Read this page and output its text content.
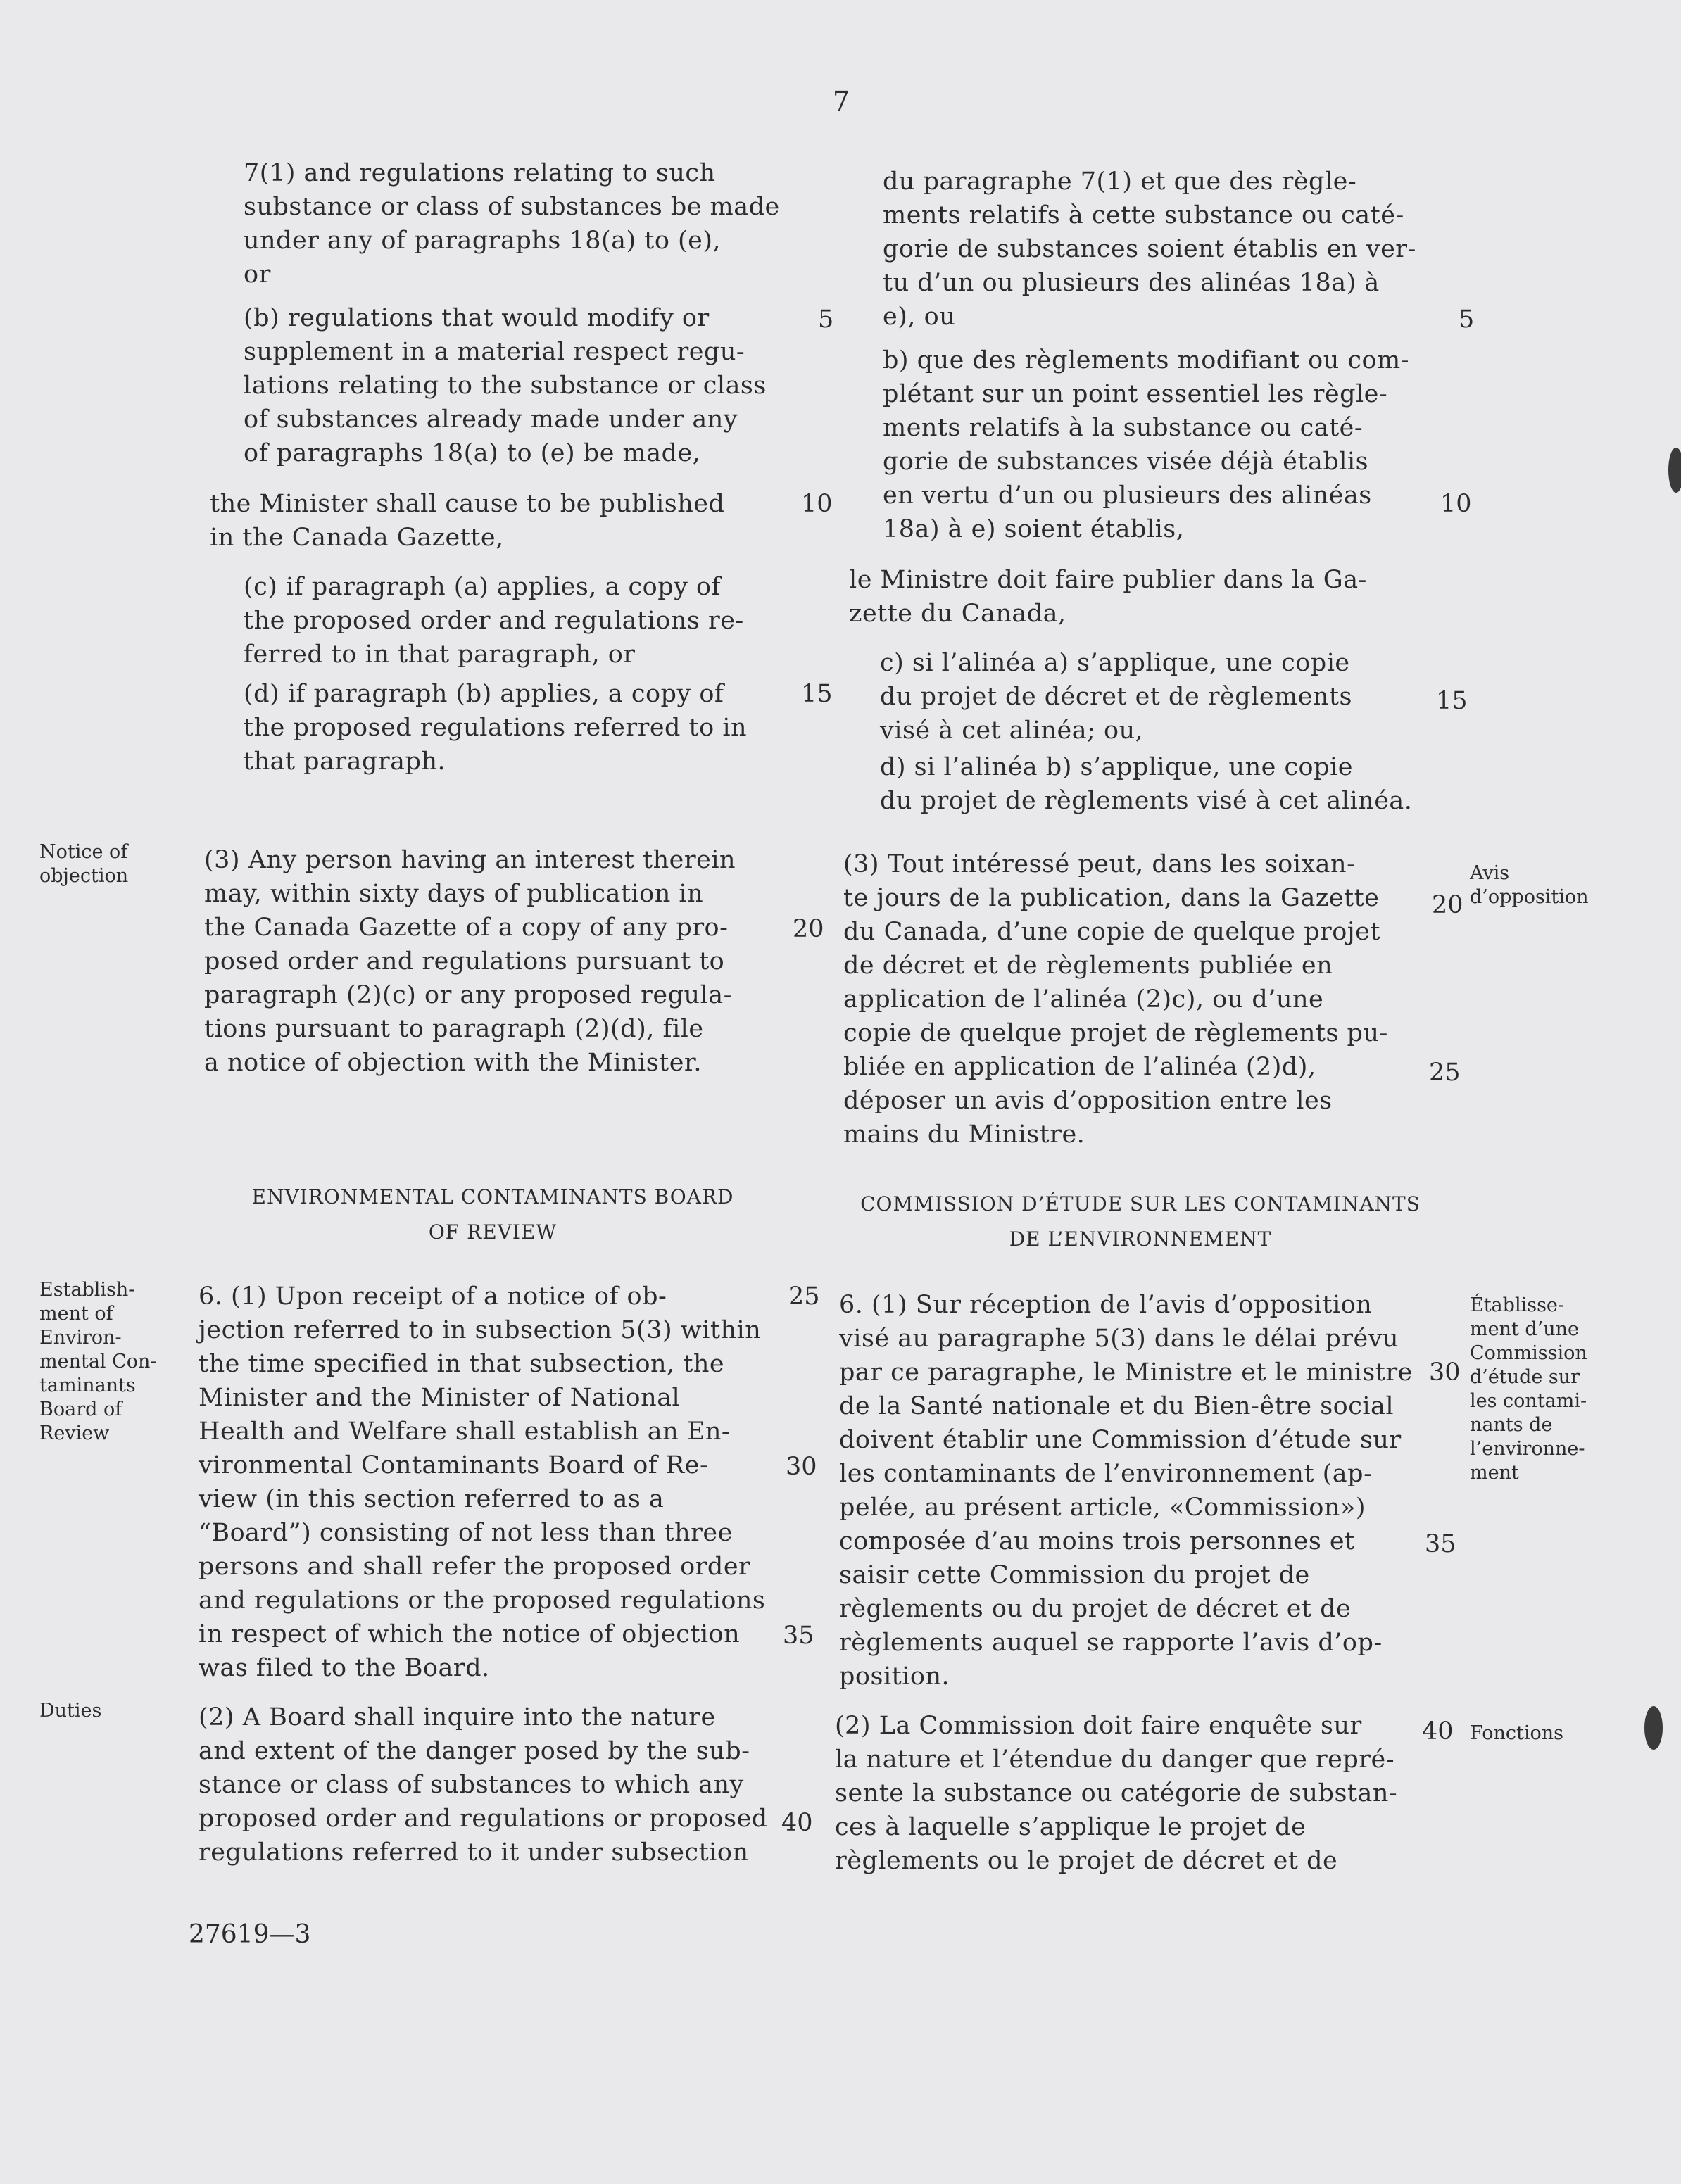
7
7(1) and regulations relating to such
substance or class of substances be made
under any of paragraphs 18(a) to (e),
or
(b) regulations that would modify or
supplement in a material respect regu-
lations relating to the substance or class
of substances already made under any
of paragraphs 18(a) to (e) be made,
the Minister shall cause to be published
in the Canada Gazette,
(c) if paragraph (a) applies, a copy of
the proposed order and regulations re-
ferred to in that paragraph, or
(d) if paragraph (b) applies, a copy of
the proposed regulations referred to in
that paragraph.
(3) Any person having an interest therein
may, within sixty days of publication in
the Canada Gazette of a copy of any pro-
posed order and regulations pursuant to
paragraph (2)(c) or any proposed regula-
tions pursuant to paragraph (2)(d), file
a notice of objection with the Minister.
ENVIRONMENTAL CONTAMINANTS BOARD
OF REVIEW
6. (1) Upon receipt of a notice of ob-
jection referred to in subsection 5(3) within
the time specified in that subsection, the
Minister and the Minister of National
Health and Welfare shall establish an En-
vironmental Contaminants Board of Re-
view (in this section referred to as a
“Board”) consisting of not less than three
persons and shall refer the proposed order
and regulations or the proposed regulations
in respect of which the notice of objection
was filed to the Board.
(2) A Board shall inquire into the nature
and extent of the danger posed by the sub-
stance or class of substances to which any
proposed order and regulations or proposed
regulations referred to it under subsection
5
10
15
20
25
30
35
40
du paragraphe 7(1) et que des règle-
ments relatifs à cette substance ou caté-
gorie de substances soient établis en ver-
tu d’un ou plusieurs des alinéas 18a) à
e), ou
b) que des règlements modifiant ou com-
plétant sur un point essentiel les règle-
ments relatifs à la substance ou caté-
gorie de substances visée déjà établis
en vertu d’un ou plusieurs des alinéas
18a) à e) soient établis,
le Ministre doit faire publier dans la Ga-
zette du Canada,
c) si l’alinéa a) s’applique, une copie
du projet de décret et de règlements
visé à cet alinéa; ou,
d) si l’alinéa b) s’applique, une copie
du projet de règlements visé à cet alinéa.
(3) Tout intéressé peut, dans les soixan-
te jours de la publication, dans la Gazette
du Canada, d’une copie de quelque projet
de décret et de règlements publiée en
application de l’alinéa (2)c), ou d’une
copie de quelque projet de règlements pu-
bliée en application de l’alinéa (2)d),
déposer un avis d’opposition entre les
mains du Ministre.
COMMISSION D’ÉTUDE SUR LES CONTAMINANTS
DE L’ENVIRONNEMENT
6. (1) Sur réception de l’avis d’opposition
visé au paragraphe 5(3) dans le délai prévu
par ce paragraphe, le Ministre et le ministre
de la Santé nationale et du Bien-être social
doivent établir une Commission d’étude sur
les contaminants de l’environnement (ap-
pelée, au présent article, «Commission»)
composée d’au moins trois personnes et
saisir cette Commission du projet de
règlements ou du projet de décret et de
règlements auquel se rapporte l’avis d’op-
position.
(2) La Commission doit faire enquête sur
la nature et l’étendue du danger que repré-
sente la substance ou catégorie de substan-
ces à laquelle s’applique le projet de
règlements ou le projet de décret et de
5
10
15
20
25
30
35
40
Notice of
objection
Establish-
ment of
Environ-
mental Con-
taminants
Board of
Review
Duties
Avis
d’opposition
Établisse-
ment d’une
Commission
d’étude sur
les contami-
nants de
l’environne-
ment
Fonctions
27619—3
